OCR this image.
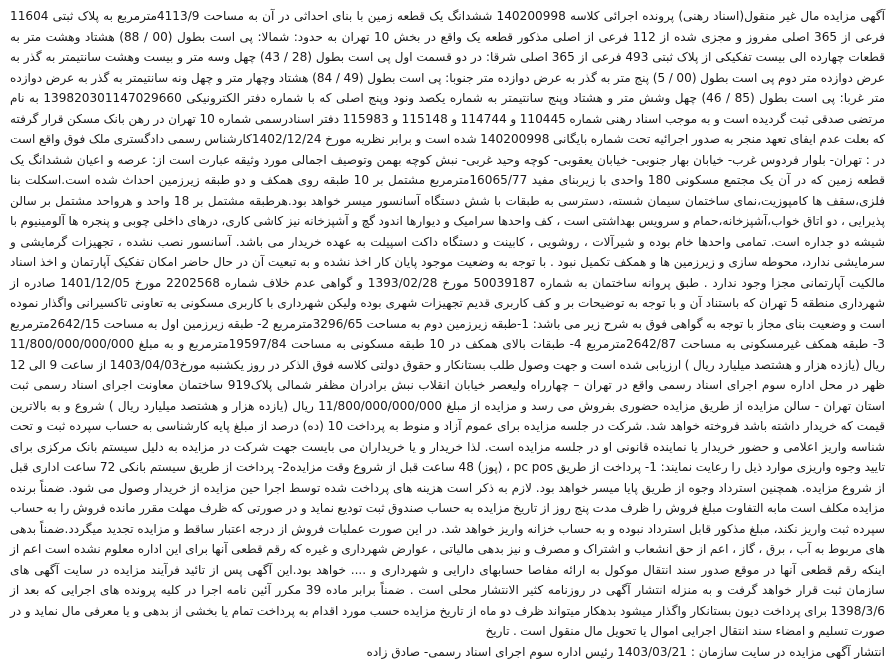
آگهی مزایده مال غیر منقول(اسناد رهنی) پرونده اجرائی کلاسه 140200998 ششدانگ یک قطعه زمین با بنای احداثی در آن به مساحت 4113/9مترمربع به پلاک ثبتی 11604 فرعی از 365 اصلی مفروز و مجزی شده از 112 فرعی از اصلی مذکور قطعه یک واقع در بخش 10 تهران به حدود: شمالا: پی است بطول (00 / 88) هشتاد وهشت متر به قطعات چهارده الی بیست تفکیکی از پلاک ثبتی 493 فرعی از 365 اصلی شرقا: در دو قسمت اول پی است بطول (28 / 43) چهل وسه متر و بیست وهشت سانتیمتر به گذر به عرض دوازده متر دوم پی است بطول (00 / 5) پنج متر به گذر به عرض دوازده متر جنوبا: پی است بطول (49 / 84) هشتاد وچهار متر و چهل ونه سانتیمتر به گذر به عرض دوازده متر غربا: پی است بطول (85 / 46) چهل وشش متر و هشتاد وپنج سانتیمتر به شماره یکصد ونود وپنج اصلی که با شماره دفتر الکترونیکی 139820301147029660 به نام مرتضی صدقی ثبت گردیده است و به موجب اسناد رهنی شماره 110445 و 114744 و 115148 و 115983 دفتر اسنادرسمی شماره 10 تهران در رهن بانک مسکن قرار گرفته که بعلت عدم ایفای تعهد منجر به صدور اجرائیه تحت شماره بایگانی 140200998 شده است و برابر نظریه مورخ 1402/12/24کارشناس رسمی دادگستری ملک فوق واقع است در : تهران- بلوار فردوس غرب- خیابان بهار جنوبی- خیابان یعقوبی- کوچه وحید غربی- نبش کوچه بهمن وتوصیف اجمالی مورد وثیقه عبارت است از: عرصه و اعیان ششدانگ یک قطعه زمین که در آن یک مجتمع مسکونی 180 واحدی با زیربنای مفید 16065/77مترمربع مشتمل بر 10 طبقه روی همکف و دو طبقه زیرزمین احداث شده است.اسکلت بنا فلزی،سقف ها کامپوزیت،نمای ساختمان سیمان شسته، دسترسی به طبقات با شش دستگاه آسانسور میسر خواهد بود.هرطبقه مشتمل بر 18 واحد و هرواحد مشتمل بر سالن پذیرایی ، دو اتاق خواب،آشپزخانه،حمام و سرویس بهداشتی است ، کف واحدها سرامیک و دیوارها اندود گچ و آشپزخانه نیز کاشی کاری، درهای داخلی چوبی و پنجره ها آلومینیوم با شیشه دو جداره است. تمامی واحدها خام بوده و شیرآلات ، روشویی ، کابینت و دستگاه داکت اسپیلت به عهده خریدار می باشد. آسانسور نصب نشده ، تجهیزات گرمایشی و سرمایشی ندارد، محوطه سازی و زیرزمین ها و همکف تکمیل نبود . با توجه به وضعیت موجود پایان کار اخذ نشده و به تبعیت آن در حال حاضر امکان تفکیک آپارتمان و اخذ اسناد مالکیت آپارتمانی مجزا وجود ندارد . طبق پروانه ساختمان به شماره 50039187 مورخ 1393/02/28 و گواهی عدم خلاف شماره 2202568 مورخ 1401/12/05 صادره از شهرداری منطقه 5 تهران که باستناد آن و با توجه به توضیحات بر و کف کاربری قدیم تجهیزات شهری بوده ولیکن شهرداری با کاربری مسکونی به تعاونی تاکسیرانی واگذار نموده است و وضعیت بنای مجاز با توجه به گواهی فوق به شرح زیر می باشد: 1-طبقه زیرزمین دوم به مساحت 3296/65مترمربع 2- طبقه زیرزمین اول به مساحت 2642/15مترمربع 3- طبقه همکف غیرمسکونی به مساحت 2642/87مترمربع 4- طبقات بالای همکف در 10 طبقه مسکونی به مساحت 19597/84مترمربع و به مبلغ 11/800/000/000/000 ریال (یازده هزار و هشتصد میلیارد ریال ) ارزیابی شده است و جهت وصول طلب بستانکار و حقوق دولتی کلاسه فوق الذکر در روز یکشنبه مورخ1403/04/03 از ساعت 9 الی 12 ظهر در محل اداره سوم اجرای اسناد رسمی واقع در تهران – چهارراه ولیعصر خیابان انقلاب نبش برادران مظفر شمالی پلاک919 ساختمان معاونت اجرای اسناد رسمی ثبت استان تهران - سالن مزایده از طریق مزایده حضوری بفروش می رسد و مزایده از مبلغ 11/800/000/000/000 ریال (یازده هزار و هشتصد میلیارد ریال ) شروع و به بالاترین قیمت که خریدار داشته باشد فروخته خواهد شد. شرکت در جلسه مزایده برای عموم آزاد و منوط به پرداخت 10 (ده) درصد از مبلغ پایه کارشناسی به حساب سپرده ثبت و تحت شناسه واریز اعلامی و حضور خریدار یا نماینده قانونی او در جلسه مزایده است. لذا خریدار و یا خریداران می بایست جهت شرکت در مزایده به دلیل سیستم بانک مرکزی برای تایید وجوه واریزی موارد ذیل را رعایت نمایند: 1- پرداخت از طریق pc pos ، (پوز) 48 ساعت قبل از شروع وقت مزایده2- پرداخت از طریق سیستم بانکی 72 ساعت اداری قبل از شروع مزایده. همچنین استرداد وجوه از طریق پایا میسر خواهد بود. لازم به ذکر است هزینه های پرداخت شده توسط اجرا حین مزایده از خریدار وصول می شود. ضمناً برنده مزایده مکلف است مابه التفاوت مبلغ فروش را ظرف مدت پنج روز از تاریخ مزایده به حساب صندوق ثبت تودیع نماید و در صورتی که ظرف مهلت مقرر مانده فروش را به حساب سپرده ثبت واریز نکند، مبلغ مذکور قابل استرداد نبوده و به حساب خزانه واریز خواهد شد. در این صورت عملیات فروش از درجه اعتبار ساقط و مزایده تجدید میگردد.ضمناً بدهی های مربوط به آب ، برق ، گاز ، اعم از حق انشعاب و اشتراک و مصرف و نیز بدهی مالیاتی ، عوارض شهرداری و غیره که رقم قطعی آنها برای این اداره معلوم نشده است اعم از اینکه رقم قطعی آنها در موقع صدور سند انتقال موکول به ارائه مفاصا حسابهای دارایی و شهرداری و .... خواهد بود.این آگهی پس از تائید فرآیند مزایده در سایت آگهی های سازمان ثبت قرار خواهد گرفت و به منزله انتشار آگهی در روزنامه کثیر الانتشار محلی است . ضمناً برابر ماده 39 مکرر آئین نامه اجرا در کلیه پرونده های اجرایی که بعد از 1398/3/6 برای پرداخت دیون بستانکار واگذار میشود بدهکار میتواند ظرف دو ماه از تاریخ مزایده حسب مورد اقدام به پرداخت تمام یا بخشی از بدهی و یا معرفی مال نماید و در صورت تسلیم و امضاء سند انتقال اجرایی اموال یا تحویل مال منقول است . تاریخ

انتشار آگهی مزایده در سایت سازمان : 1403/03/21 رئیس اداره سوم اجرای اسناد رسمی- صادق زاده
